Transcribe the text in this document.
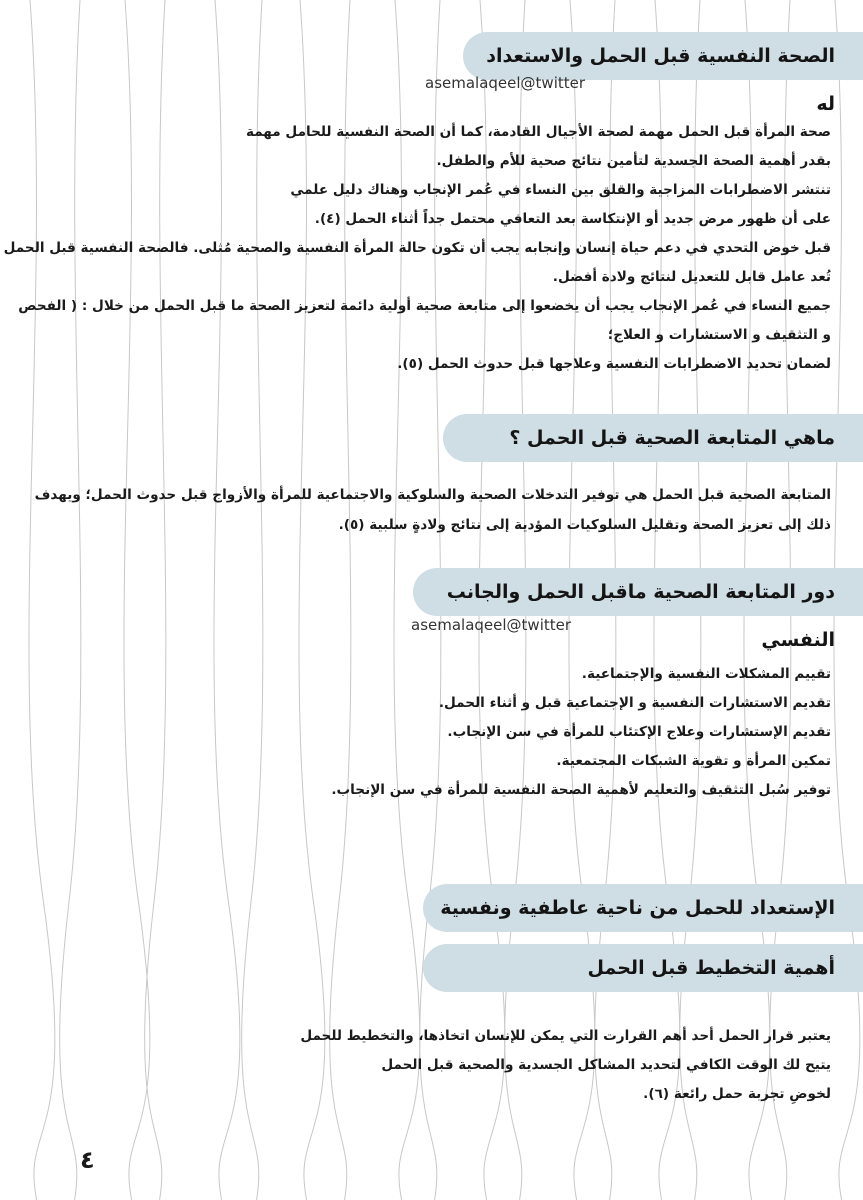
الصحة النفسية قبل الحمل والاستعداد له
asemalaqeel@twitter

صحة المرأة قبل الحمل مهمة لصحة الأجيال القادمة، كما أن الصحة النفسية للحامل مهمة

بقدر أهمية الصحة الجسدية لتأمين نتائج صحية للأم والطفل.

تنتشر الاضطرابات المزاجية والقلق بين النساء في عُمر الإنجاب وهناك دليل علمي

على أن ظهور مرض جديد أو الإنتكاسة بعد التعافي محتمل جداً أثناء الحمل (٤).

قبل خوض التحدي في دعم حياة إنسان وإنجابه يجب أن تكون حالة المرأة النفسية والصحية مُثلى. فالصحة النفسية قبل الحمل

تُعد عامل قابل للتعديل لنتائج ولادة أفضل.

جميع النساء في عُمر الإنجاب يجب أن يخضعوا إلى متابعة صحية أولية دائمة لتعزيز الصحة ما قبل الحمل من خلال : ( الفحص

و التثقيف و الاستشارات و العلاج؛

لضمان تحديد الاضطرابات النفسية وعلاجها قبل حدوث الحمل (٥).

ماهي المتابعة الصحية قبل الحمل ؟

المتابعة الصحية قبل الحمل هي توفير التدخلات الصحية والسلوكية والاجتماعية للمرأة والأزواج قبل حدوث الحمل؛ ويهدف

ذلك إلى تعزيز الصحة وتقليل السلوكيات المؤدية إلى نتائج ولادةٍ سلبية (٥).

دور المتابعة الصحية ماقبل الحمل والجانب النفسي
asemalaqeel@twitter

تقييم المشكلات النفسية والإجتماعية.

تقديم الاستشارات النفسية و الإجتماعية قبل و أثناء الحمل.

تقديم الإستشارات وعلاج الإكتئاب للمرأة في سن الإنجاب.

تمكين المرأة و تقوية الشبكات المجتمعية.

توفير سُبل التثقيف والتعليم لأهمية الصحة النفسية للمرأة في سن الإنجاب.

الإستعداد للحمل من ناحية عاطفية ونفسية
أهمية التخطيط قبل الحمل

يعتبر قرار الحمل أحد أهم القرارت التي يمكن للإنسان اتخاذها، والتخطيط للحمل

يتيح لك الوقت الكافي لتحديد المشاكل الجسدية والصحية قبل الحمل

لخوضِ تجربة حمل رائعة (٦).

٤
